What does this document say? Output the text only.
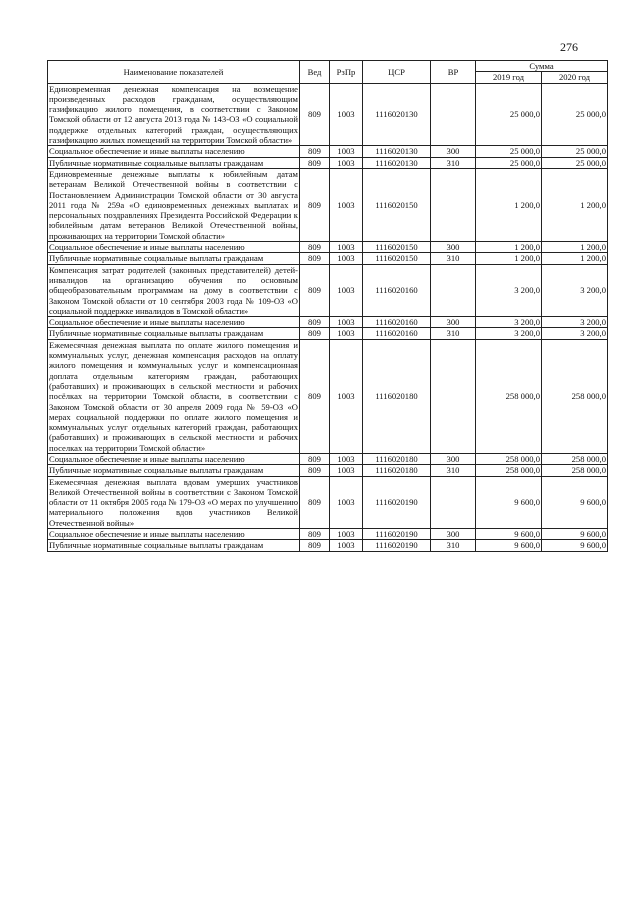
276
Наименование показателей	Вед	РзПр	ЦСР	ВР	Сумма	
					2019 год	2020 год
Единовременная денежная компенсация на возмещение произведенных расходов гражданам, осуществляющим газификацию жилого помещения, в соответствии с Законом Томской области от 12 августа 2013 года № 143-ОЗ «О социальной поддержке отдельных категорий граждан, осуществляющих газификацию жилых помещений на территории Томской области»	809	1003	1116020130		25 000,0	25 000,0
Социальное обеспечение и иные выплаты населению	809	1003	1116020130	300	25 000,0	25 000,0
Публичные нормативные социальные выплаты гражданам	809	1003	1116020130	310	25 000,0	25 000,0
Единовременные денежные выплаты к юбилейным датам ветеранам Великой Отечественной войны в соответствии с Постановлением Администрации Томской области от 30 августа 2011 года № 259а «О единовременных денежных выплатах и персональных поздравлениях Президента Российской Федерации к юбилейным датам ветеранов Великой Отечественной войны, проживающих на территории Томской области»	809	1003	1116020150		1 200,0	1 200,0
Социальное обеспечение и иные выплаты населению	809	1003	1116020150	300	1 200,0	1 200,0
Публичные нормативные социальные выплаты гражданам	809	1003	1116020150	310	1 200,0	1 200,0
Компенсация затрат родителей (законных представителей) детей-инвалидов на организацию обучения по основным общеобразовательным программам на дому в соответствии с Законом Томской области от 10 сентября 2003 года № 109-ОЗ «О социальной поддержке инвалидов в Томской области»	809	1003	1116020160		3 200,0	3 200,0
Социальное обеспечение и иные выплаты населению	809	1003	1116020160	300	3 200,0	3 200,0
Публичные нормативные социальные выплаты гражданам	809	1003	1116020160	310	3 200,0	3 200,0
Ежемесячная денежная выплата по оплате жилого помещения и коммунальных услуг, денежная компенсация расходов на оплату жилого помещения и коммунальных услуг и компенсационная доплата отдельным категориям граждан, работающих (работавших) и проживающих в сельской местности и рабочих посёлках на территории Томской области, в соответствии с Законом Томской области от 30 апреля 2009 года № 59-ОЗ «О мерах социальной поддержки по оплате жилого помещения и коммунальных услуг отдельных категорий граждан, работающих (работавших) и проживающих в сельской местности и рабочих поселках на территории Томской области»	809	1003	1116020180		258 000,0	258 000,0
Социальное обеспечение и иные выплаты населению	809	1003	1116020180	300	258 000,0	258 000,0
Публичные нормативные социальные выплаты гражданам	809	1003	1116020180	310	258 000,0	258 000,0
Ежемесячная денежная выплата вдовам умерших участников Великой Отечественной войны в соответствии с Законом Томской области от 11 октября 2005 года № 179-ОЗ «О мерах по улучшению материального положения вдов участников Великой Отечественной войны»	809	1003	1116020190		9 600,0	9 600,0
Социальное обеспечение и иные выплаты населению	809	1003	1116020190	300	9 600,0	9 600,0
Публичные нормативные социальные выплаты гражданам	809	1003	1116020190	310	9 600,0	9 600,0
